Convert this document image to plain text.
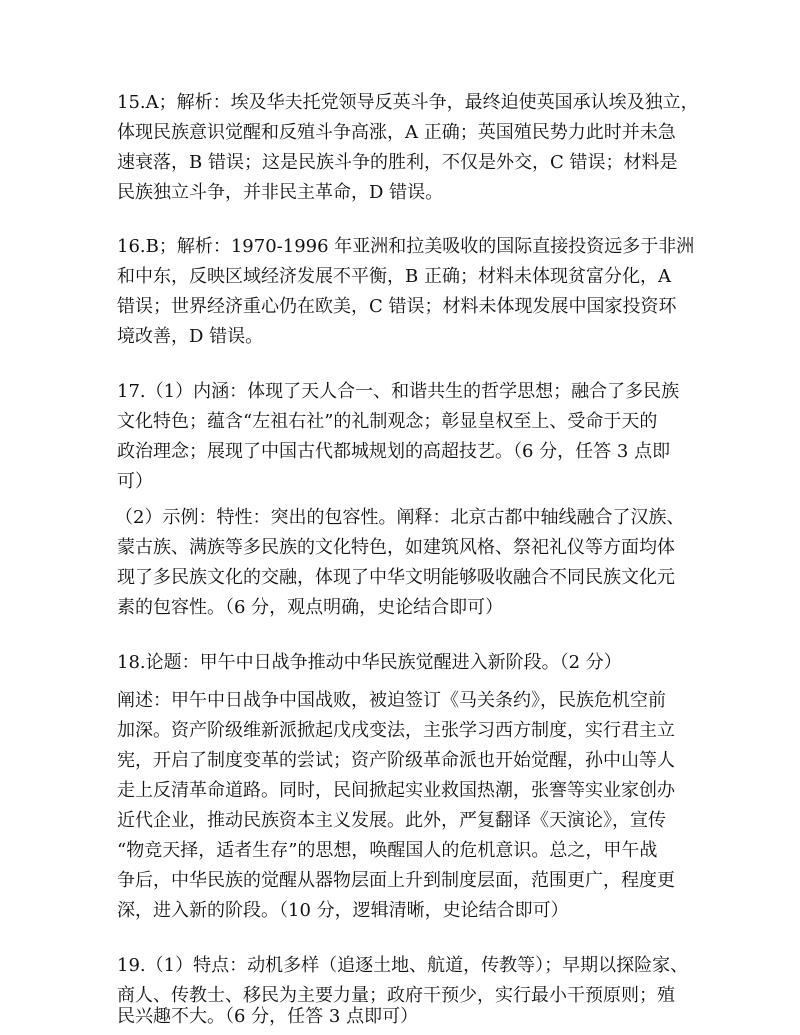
15.A；解析：埃及华夫托党领导反英斗争，最终迫使英国承认埃及独立，
体现民族意识觉醒和反殖斗争高涨，A 正确；英国殖民势力此时并未急
速衰落，B 错误；这是民族斗争的胜利，不仅是外交，C 错误；材料是
民族独立斗争，并非民主革命，D 错误。
16.B；解析：1970-1996 年亚洲和拉美吸收的国际直接投资远多于非洲
和中东，反映区域经济发展不平衡，B 正确；材料未体现贫富分化，A
错误；世界经济重心仍在欧美，C 错误；材料未体现发展中国家投资环
境改善，D 错误。
17.（1）内涵：体现了天人合一、和谐共生的哲学思想；融合了多民族
文化特色；蕴含“左祖右社”的礼制观念；彰显皇权至上、受命于天的
政治理念；展现了中国古代都城规划的高超技艺。（6 分，任答 3 点即
可）
（2）示例：特性：突出的包容性。阐释：北京古都中轴线融合了汉族、
蒙古族、满族等多民族的文化特色，如建筑风格、祭祀礼仪等方面均体
现了多民族文化的交融，体现了中华文明能够吸收融合不同民族文化元
素的包容性。（6 分，观点明确，史论结合即可）
18.论题：甲午中日战争推动中华民族觉醒进入新阶段。（2 分）
阐述：甲午中日战争中国战败，被迫签订《马关条约》，民族危机空前
加深。资产阶级维新派掀起戊戌变法，主张学习西方制度，实行君主立
宪，开启了制度变革的尝试；资产阶级革命派也开始觉醒，孙中山等人
走上反清革命道路。同时，民间掀起实业救国热潮，张謇等实业家创办
近代企业，推动民族资本主义发展。此外，严复翻译《天演论》，宣传
“物竞天择，适者生存”的思想，唤醒国人的危机意识。总之，甲午战
争后，中华民族的觉醒从器物层面上升到制度层面，范围更广，程度更
深，进入新的阶段。（10 分，逻辑清晰，史论结合即可）
19.（1）特点：动机多样（追逐土地、航道，传教等）；早期以探险家、
商人、传教士、移民为主要力量；政府干预少，实行最小干预原则；殖
民兴趣不大。（6 分，任答 3 点即可）
